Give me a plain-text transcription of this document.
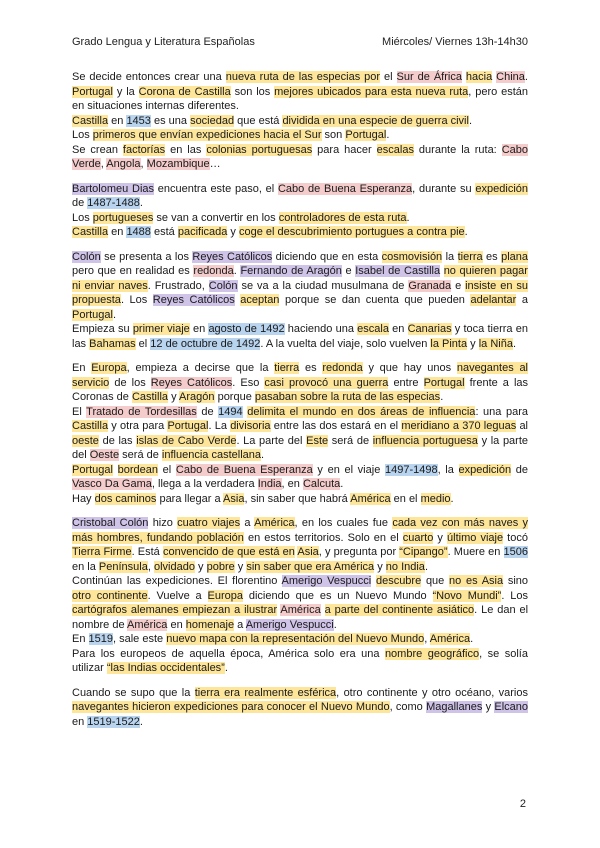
Grado Lengua y Literatura Españolas	Miércoles/ Viernes 13h-14h30

Se decide entonces crear una nueva ruta de las especias por el Sur de África hacia China. Portugal y la Corona de Castilla son los mejores ubicados para esta nueva ruta, pero están en situaciones internas diferentes.

Castilla en 1453 es una sociedad que está dividida en una especie de guerra civil.

Los primeros que envían expediciones hacia el Sur son Portugal.

Se crean factorías en las colonias portuguesas para hacer escalas durante la ruta: Cabo Verde, Angola, Mozambique…

Bartolomeu Dias encuentra este paso, el Cabo de Buena Esperanza, durante su expedición de 1487-1488.

Los portugueses se van a convertir en los controladores de esta ruta.

Castilla en 1488 está pacificada y coge el descubrimiento portugues a contra pie.

Colón se presenta a los Reyes Católicos diciendo que en esta cosmovisión la tierra es plana pero que en realidad es redonda. Fernando de Aragón e Isabel de Castilla no quieren pagar ni enviar naves. Frustrado, Colón se va a la ciudad musulmana de Granada e insiste en su propuesta. Los Reyes Católicos aceptan porque se dan cuenta que pueden adelantar a Portugal.

Empieza su primer viaje en agosto de 1492 haciendo una escala en Canarias y toca tierra en las Bahamas el 12 de octubre de 1492. A la vuelta del viaje, solo vuelven la Pinta y la Niña.

En Europa, empieza a decirse que la tierra es redonda y que hay unos navegantes al servicio de los Reyes Católicos. Eso casi provocó una guerra entre Portugal frente a las Coronas de Castilla y Aragón porque pasaban sobre la ruta de las especias.

El Tratado de Tordesillas de 1494 delimita el mundo en dos áreas de influencia: una para Castilla y otra para Portugal. La divisoria entre las dos estará en el meridiano a 370 leguas al oeste de las islas de Cabo Verde. La parte del Este será de influencia portuguesa y la parte del Oeste será de influencia castellana.

Portugal bordean el Cabo de Buena Esperanza y en el viaje 1497-1498, la expedición de Vasco Da Gama, llega a la verdadera India, en Calcuta.

Hay dos caminos para llegar a Asia, sin saber que habrá América en el medio.

Cristobal Colón hizo cuatro viajes a América, en los cuales fue cada vez con más naves y más hombres, fundando población en estos territorios. Solo en el cuarto y último viaje tocó Tierra Firme. Está convencido de que está en Asia, y pregunta por “Cipango”. Muere en 1506 en la Península, olvidado y pobre y sin saber que era América y no India.

Continúan las expediciones. El florentino Amerigo Vespucci descubre que no es Asia sino otro continente. Vuelve a Europa diciendo que es un Nuevo Mundo “Novo Mundi”. Los cartógrafos alemanes empiezan a ilustrar América a parte del continente asiático. Le dan el nombre de América en homenaje a Amerigo Vespucci.

En 1519, sale este nuevo mapa con la representación del Nuevo Mundo, América.

Para los europeos de aquella época, América solo era una nombre geográfico, se solía utilizar “las Indias occidentales”.

Cuando se supo que la tierra era realmente esférica, otro continente y otro océano, varios navegantes hicieron expediciones para conocer el Nuevo Mundo, como Magallanes y Elcano en 1519-1522.

2
